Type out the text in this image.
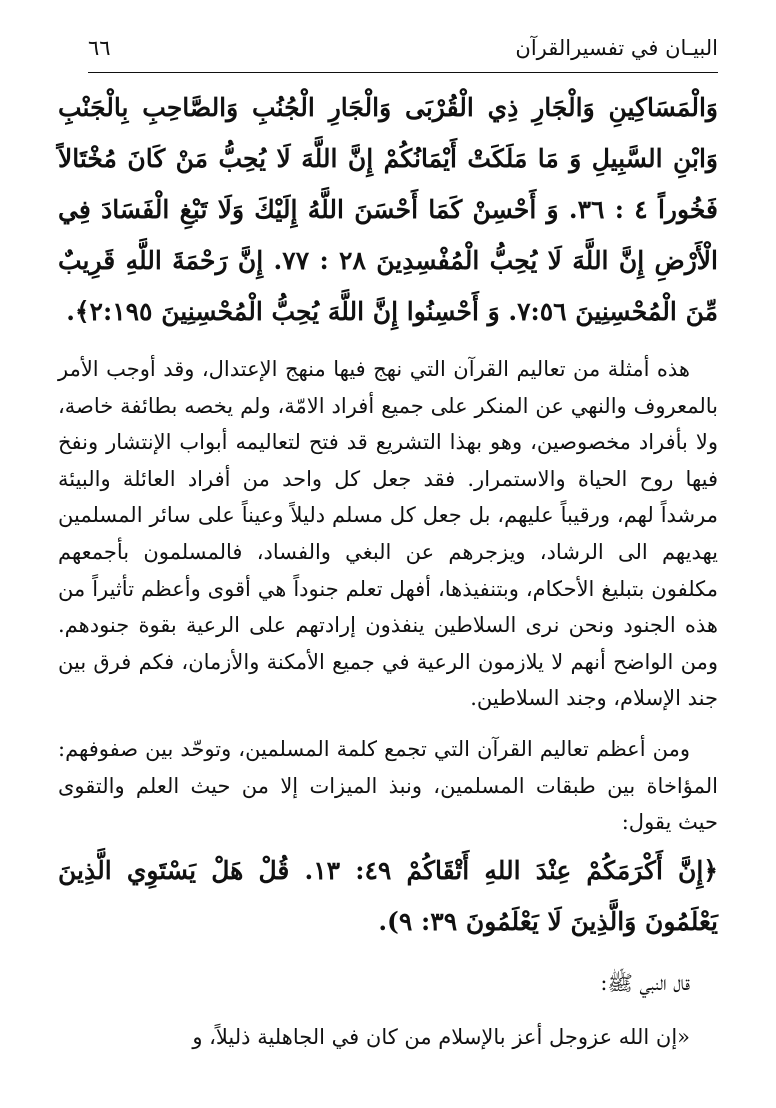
٦٦	البيـان في تفسيرالقرآن

وَالْمَسَاكِينِ وَالْجَارِ ذِي الْقُرْبَى وَالْجَارِ الْجُنُبِ وَالصَّاحِبِ بِالْجَنْبِ وَابْنِ السَّبِيلِ وَ مَا مَلَكَتْ أَيْمَانُكُمْ إِنَّ اللَّهَ لَا يُحِبُّ مَنْ كَانَ مُخْتَالاً فَخُوراً ٤ : ٣٦. وَ أَحْسِنْ كَمَا أَحْسَنَ اللَّهُ إِلَيْكَ وَلَا تَبْغِ الْفَسَادَ فِي الْأَرْضِ إِنَّ اللَّهَ لَا يُحِبُّ الْمُفْسِدِينَ ٢٨ : ٧٧. إِنَّ رَحْمَةَ اللَّهِ قَرِيبٌ مِّنَ الْمُحْسِنِينَ ٧:٥٦. وَ أَحْسِنُوا إِنَّ اللَّهَ يُحِبُّ الْمُحْسِنِينَ ٢:١٩٥﴾.

هذه أمثلة من تعاليم القرآن التي نهج فيها منهج الإعتدال، وقد أوجب الأمر بالمعروف والنهي عن المنكر على جميع أفراد الامّة، ولم يخصه بطائفة خاصة، ولا بأفراد مخصوصين، وهو بهذا التشريع قد فتح لتعاليمه أبواب الإنتشار ونفخ فيها روح الحياة والاستمرار. فقد جعل كل واحد من أفراد العائلة والبيئة مرشداً لهم، ورقيباً عليهم، بل جعل كل مسلم دليلاً وعيناً على سائر المسلمين يهديهم الى الرشاد، ويزجرهم عن البغي والفساد، فالمسلمون بأجمعهم مكلفون بتبليغ الأحكام، وبتنفيذها، أفهل تعلم جنوداً هي أقوى وأعظم تأثيراً من هذه الجنود ونحن نرى السلاطين ينفذون إرادتهم على الرعية بقوة جنودهم. ومن الواضح أنهم لا يلازمون الرعية في جميع الأمكنة والأزمان، فكم فرق بين جند الإسلام، وجند السلاطين.

ومن أعظم تعاليم القرآن التي تجمع كلمة المسلمين، وتوحّد بين صفوفهم: المؤاخاة بين طبقات المسلمين، ونبذ الميزات إلا من حيث العلم والتقوى حيث يقول:

﴿إِنَّ أَكْرَمَكُمْ عِنْدَ اللهِ أَتْقَاكُمْ ٤٩: ١٣. قُلْ هَلْ يَسْتَوِي الَّذِينَ يَعْلَمُونَ وَالَّذِينَ لَا يَعْلَمُونَ ٣٩: ٩).

قال النبي ﷺ:

«إن الله عزوجل أعز بالإسلام من كان في الجاهلية ذليلاً، و
